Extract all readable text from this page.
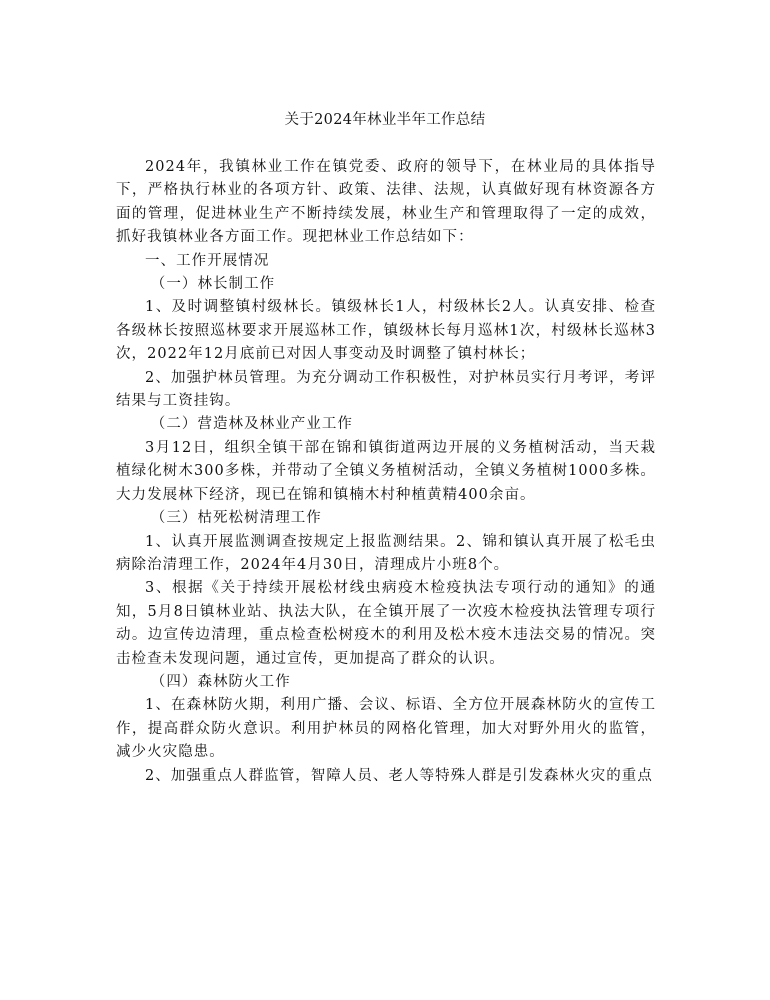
关于2024年林业半年工作总结

2024年，我镇林业工作在镇党委、政府的领导下，在林业局的具体指导下，严格执行林业的各项方针、政策、法律、法规，认真做好现有林资源各方面的管理，促进林业生产不断持续发展，林业生产和管理取得了一定的成效，抓好我镇林业各方面工作。现把林业工作总结如下：

一、工作开展情况

（一）林长制工作

1、及时调整镇村级林长。镇级林长1人，村级林长2人。认真安排、检查各级林长按照巡林要求开展巡林工作，镇级林长每月巡林1次，村级林长巡林3次，2022年12月底前已对因人事变动及时调整了镇村林长；

2、加强护林员管理。为充分调动工作积极性，对护林员实行月考评，考评结果与工资挂钩。

（二）营造林及林业产业工作

3月12日，组织全镇干部在锦和镇街道两边开展的义务植树活动，当天栽植绿化树木300多株，并带动了全镇义务植树活动，全镇义务植树1000多株。大力发展林下经济，现已在锦和镇楠木村种植黄精400余亩。

（三）枯死松树清理工作

1、认真开展监测调查按规定上报监测结果。2、锦和镇认真开展了松毛虫病除治清理工作，2024年4月30日，清理成片小班8个。

3、根据《关于持续开展松材线虫病疫木检疫执法专项行动的通知》的通知，5月8日镇林业站、执法大队，在全镇开展了一次疫木检疫执法管理专项行动。边宣传边清理，重点检查松树疫木的利用及松木疫木违法交易的情况。突击检查未发现问题，通过宣传，更加提高了群众的认识。

（四）森林防火工作

1、在森林防火期，利用广播、会议、标语、全方位开展森林防火的宣传工作，提高群众防火意识。利用护林员的网格化管理，加大对野外用火的监管，减少火灾隐患。

2、加强重点人群监管，智障人员、老人等特殊人群是引发森林火灾的重点
